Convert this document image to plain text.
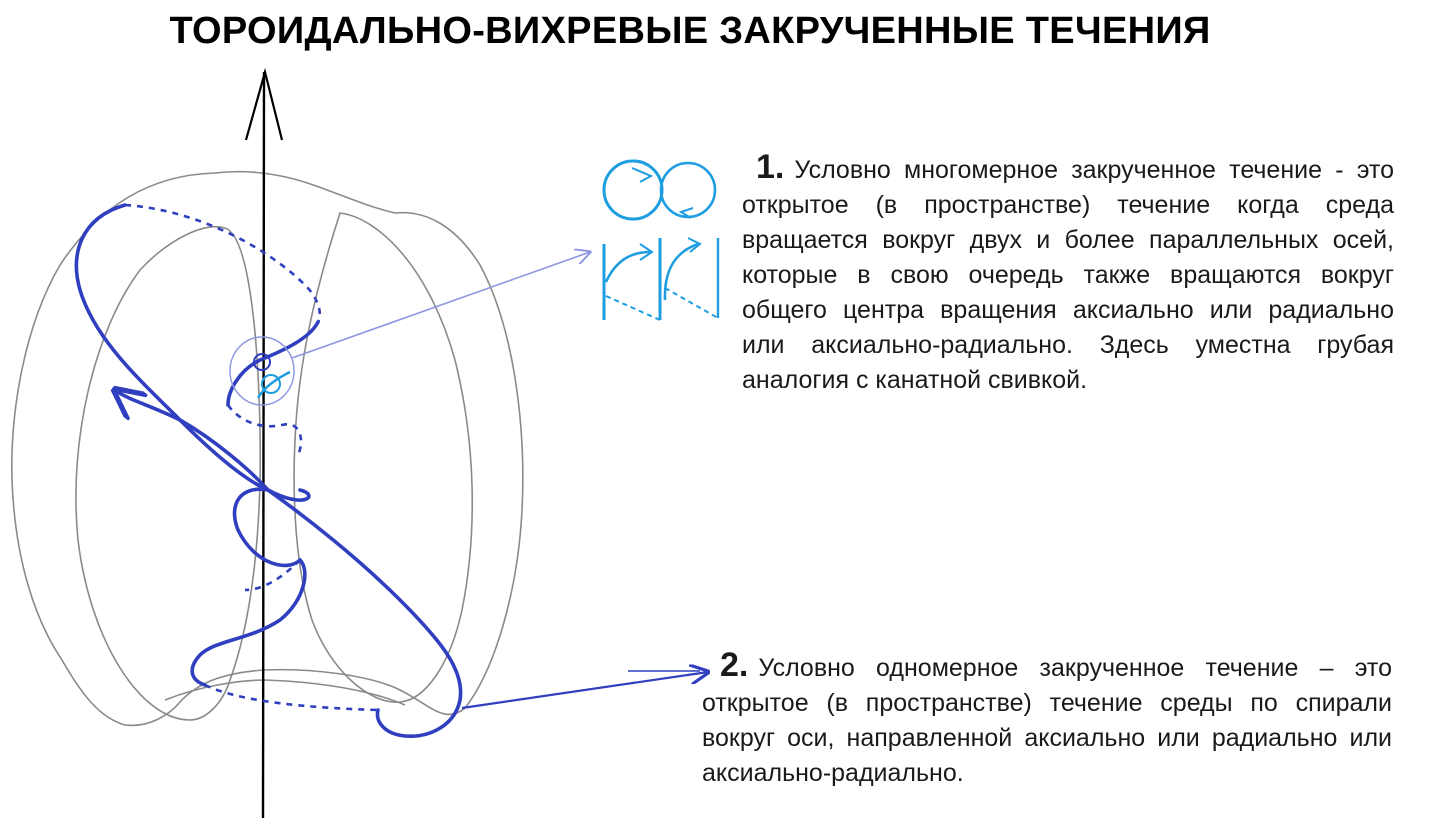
ТОРОИДАЛЬНО-ВИХРЕВЫЕ ЗАКРУЧЕННЫЕ ТЕЧЕНИЯ
1. Условно многомерное закрученное течение - это открытое (в пространстве) течение когда среда вращается вокруг двух и более параллельных осей, которые в свою очередь также вращаются вокруг общего центра вращения аксиально или радиально или аксиально-радиально. Здесь уместна грубая аналогия с канатной свивкой.
2. Условно одномерное закрученное течение – это открытое (в пространстве) течение среды по спирали вокруг оси, направленной аксиально или радиально или аксиально-радиально.
